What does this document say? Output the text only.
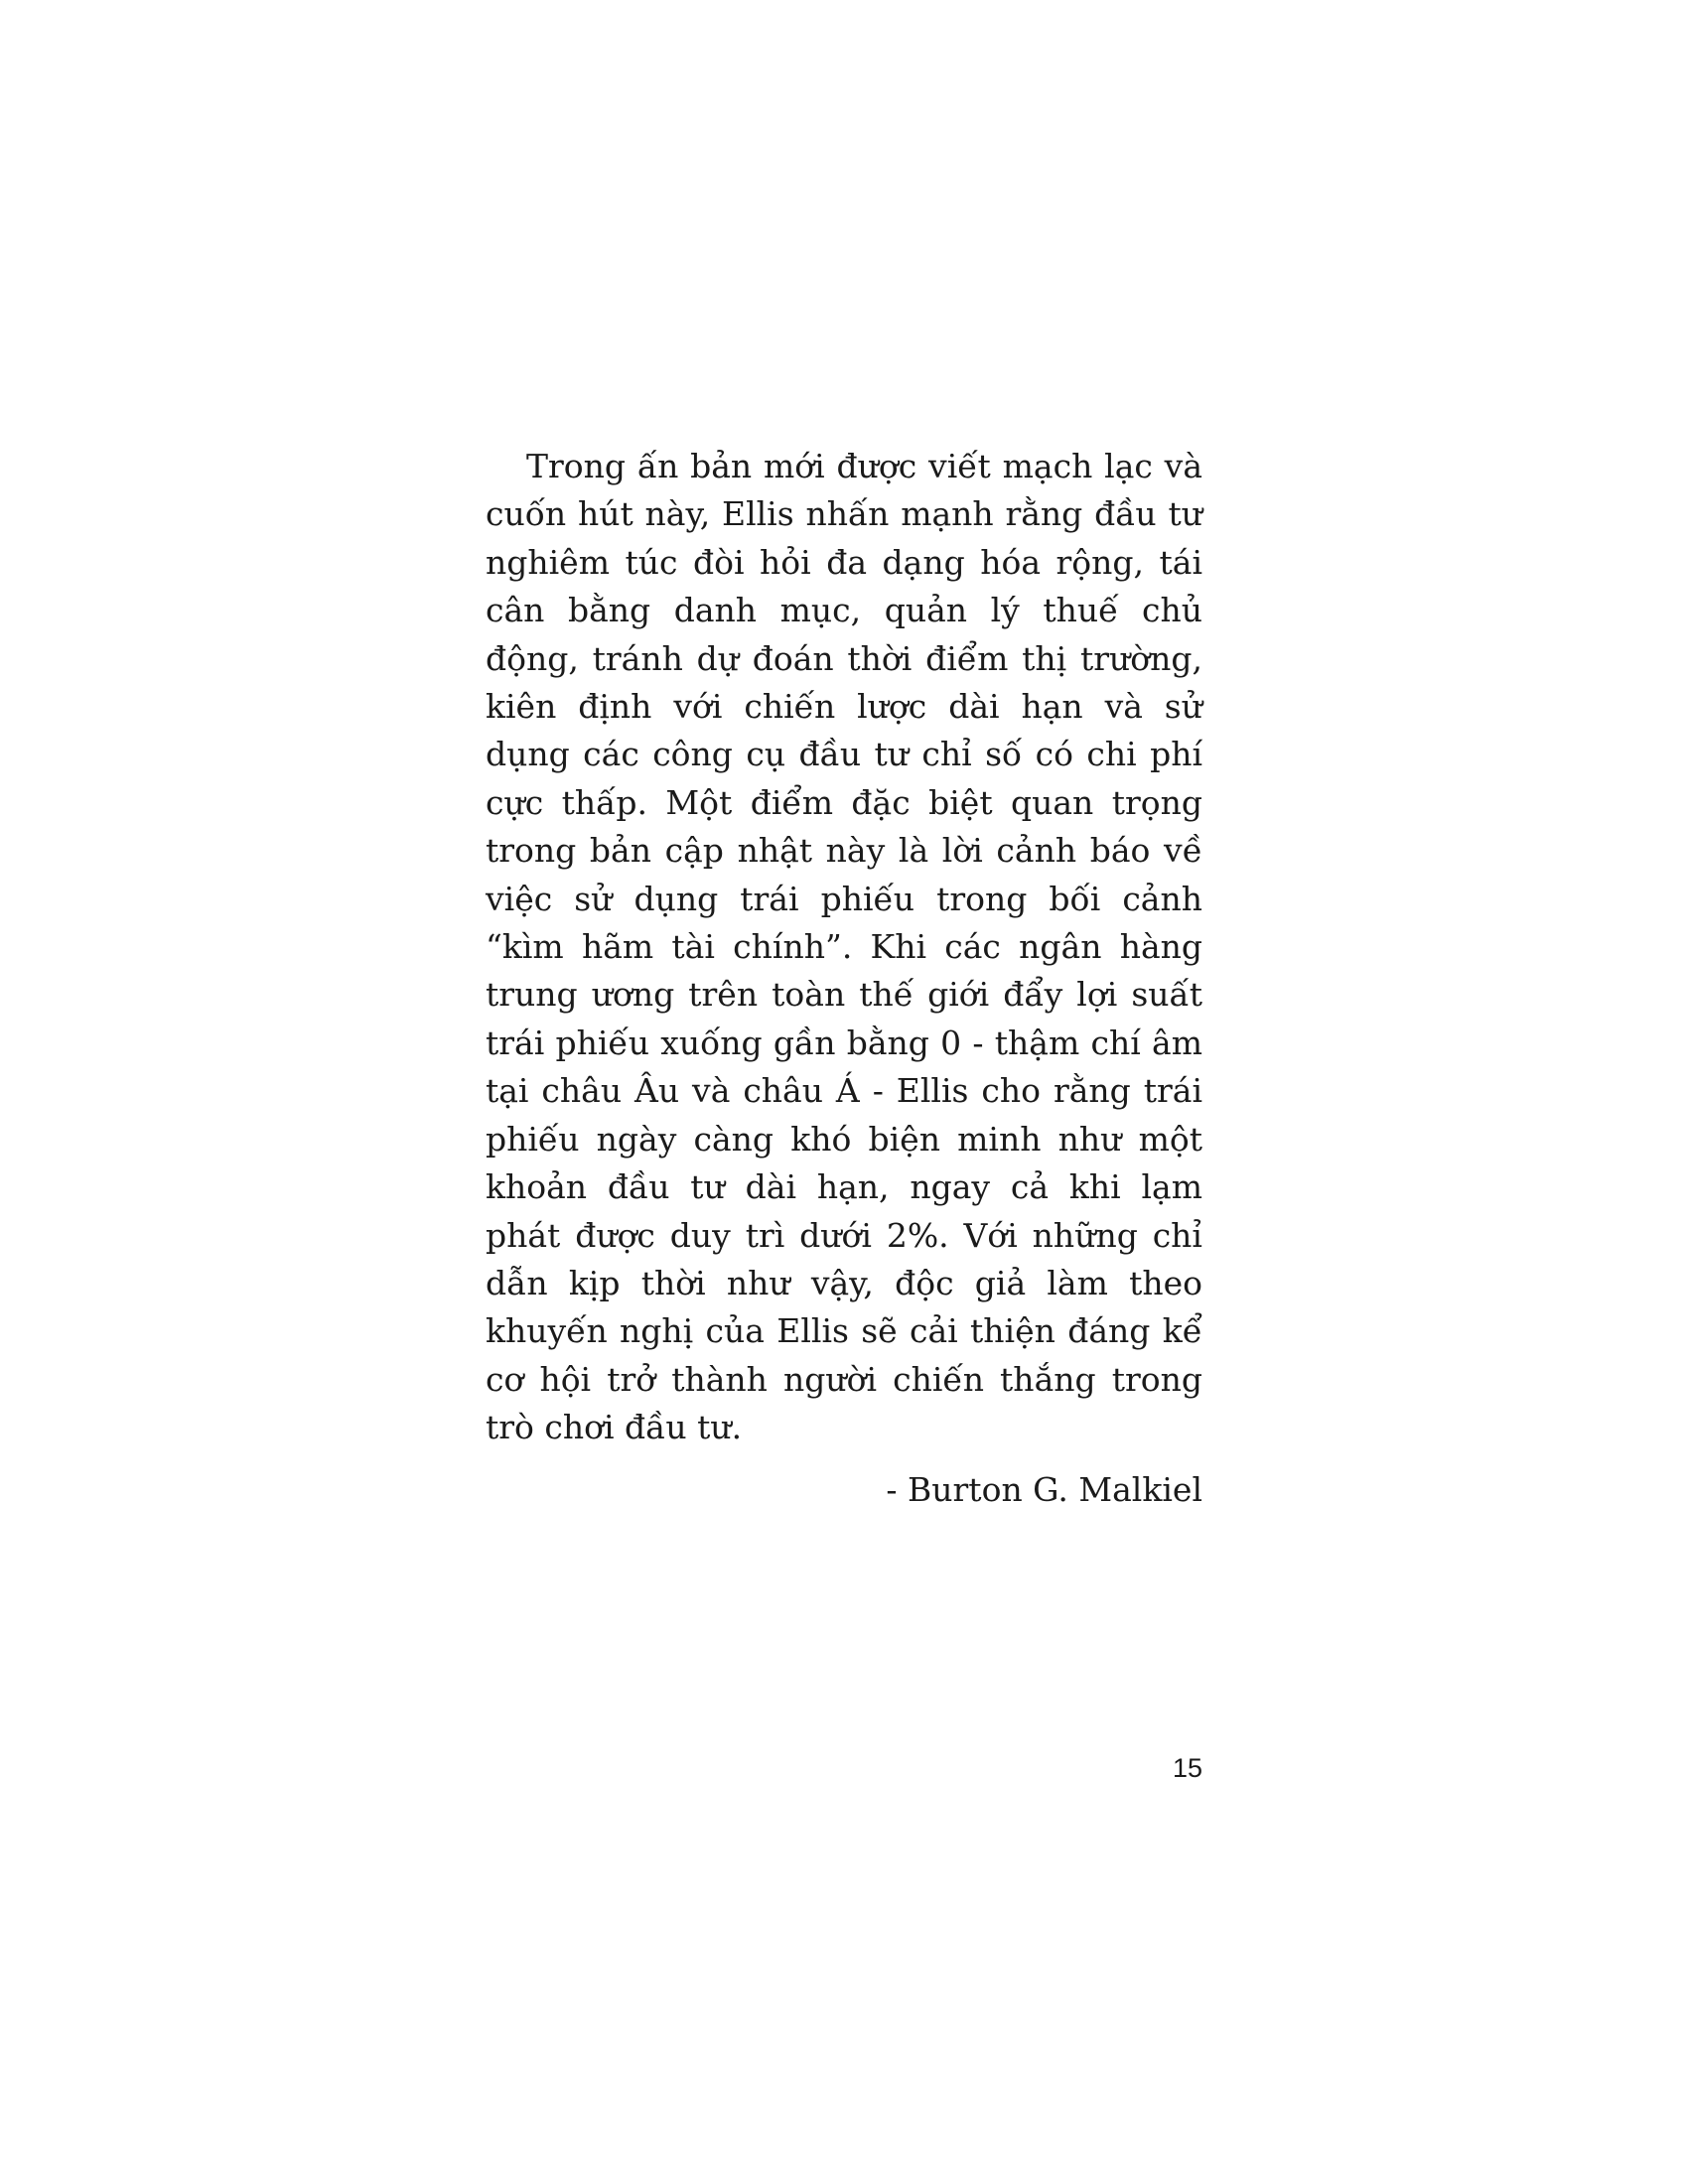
Trong ấn bản mới được viết mạch lạc và cuốn hút này, Ellis nhấn mạnh rằng đầu tư nghiêm túc đòi hỏi đa dạng hóa rộng, tái cân bằng danh mục, quản lý thuế chủ động, tránh dự đoán thời điểm thị trường, kiên định với chiến lược dài hạn và sử dụng các công cụ đầu tư chỉ số có chi phí cực thấp. Một điểm đặc biệt quan trọng trong bản cập nhật này là lời cảnh báo về việc sử dụng trái phiếu trong bối cảnh “kìm hãm tài chính”. Khi các ngân hàng trung ương trên toàn thế giới đẩy lợi suất trái phiếu xuống gần bằng 0 - thậm chí âm tại châu Âu và châu Á - Ellis cho rằng trái phiếu ngày càng khó biện minh như một khoản đầu tư dài hạn, ngay cả khi lạm phát được duy trì dưới 2%. Với những chỉ dẫn kịp thời như vậy, độc giả làm theo khuyến nghị của Ellis sẽ cải thiện đáng kể cơ hội trở thành người chiến thắng trong trò chơi đầu tư.

- Burton G. Malkiel

15
